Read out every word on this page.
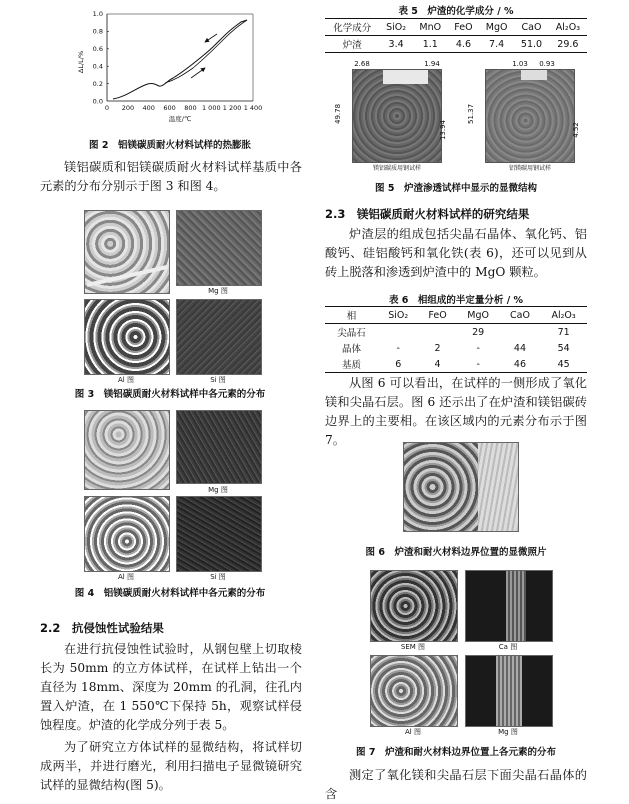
1.0
0.8
0.6
0.4
0.2
0.0
0 200 400 600 800 1 000 1 200 1 400
温度/℃
ΔL/L/%
图 2　铝镁碳质耐火材料试样的热膨胀
镁铝碳质和铝镁碳质耐火材料试样基质中各元素的分布分别示于图 3 和图 4。
Mg 图
Al 图	Si 图
图 3　镁铝碳质耐火材料试样中各元素的分布
Mg 图
Al 图	Si 图
图 4　铝镁碳质耐火材料试样中各元素的分布
2.2　抗侵蚀性试验结果
在进行抗侵蚀性试验时，从钢包壁上切取棱长为 50mm 的立方体试样，在试样上钻出一个直径为 18mm、深度为 20mm 的孔洞，往孔内置入炉渣，在 1 550℃下保持 5h，观察试样侵蚀程度。炉渣的化学成分列于表 5。
为了研究立方体试样的显微结构，将试样切成两半，并进行磨光，利用扫描电子显微镜研究试样的显微结构(图 5)。
表 5　炉渣的化学成分 / %
化学成分	SiO₂	MnO	FeO	MgO	CaO	Al₂O₃
炉渣	3.4	1.1	4.6	7.4	51.0	29.6
2.68	1.94
49.78
13.94
镁铝碳质用钢试样
1.03	0.93
51.37
4.52
铝镁碳用钢试样
图 5　炉渣渗透试样中显示的显微结构
2.3　镁铝碳质耐火材料试样的研究结果
炉渣层的组成包括尖晶石晶体、氧化钙、铝酸钙、硅铝酸钙和氧化铁(表 6)，还可以见到从砖上脱落和渗透到炉渣中的 MgO 颗粒。
表 6　相组成的半定量分析 / %
相	SiO₂	FeO	MgO	CaO	Al₂O₃
尖晶石			29		71
晶体	-	2	-	44	54
基质	6	4	-	46	45
从图 6 可以看出，在试样的一侧形成了氧化镁和尖晶石层。图 6 还示出了在炉渣和镁铝碳砖边界上的主要相。在该区域内的元素分布示于图 7。
图 6　炉渣和耐火材料边界位置的显微照片
SEM 图	Ca 图
Al 图	Mg 图
图 7　炉渣和耐火材料边界位置上各元素的分布
测定了氧化镁和尖晶石层下面尖晶石晶体的含
